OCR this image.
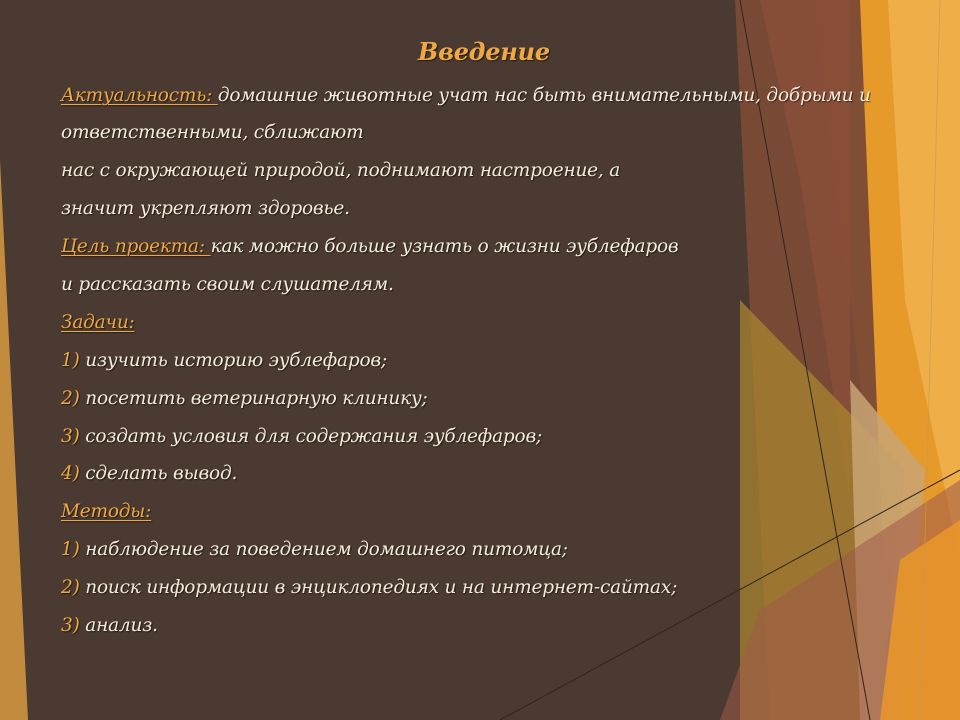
Введение
Актуальность: домашние животные учат нас быть внимательными, добрыми и
ответственными, сближают
нас с окружающей природой, поднимают настроение, а
значит укрепляют здоровье.
Цель проекта: как можно больше узнать о жизни эублефаров
и рассказать своим слушателям.
Задачи:
1) изучить историю эублефаров;
2) посетить ветеринарную клинику;
3) создать условия для содержания эублефаров;
4) сделать вывод.
Методы:
1) наблюдение за поведением домашнего питомца;
2) поиск информации в энциклопедиях и на интернет-сайтах;
3) анализ.
